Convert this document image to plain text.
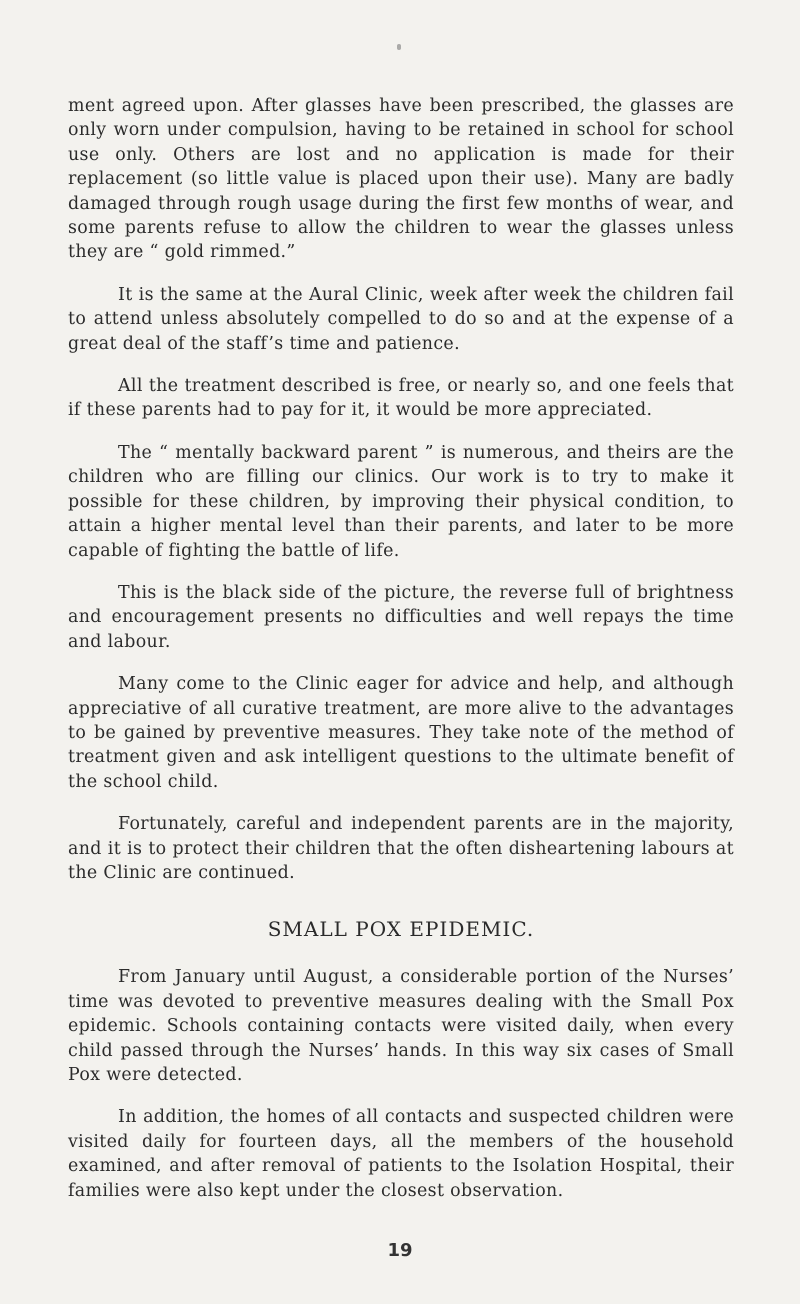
ment agreed upon. After glasses have been prescribed, the glasses are only worn under compulsion, having to be retained in school for school use only. Others are lost and no application is made for their replacement (so little value is placed upon their use). Many are badly damaged through rough usage during the first few months of wear, and some parents refuse to allow the children to wear the glasses unless they are “ gold rimmed.”

It is the same at the Aural Clinic, week after week the children fail to attend unless absolutely compelled to do so and at the expense of a great deal of the staff’s time and patience.

All the treatment described is free, or nearly so, and one feels that if these parents had to pay for it, it would be more appreciated.

The “ mentally backward parent ” is numerous, and theirs are the children who are filling our clinics. Our work is to try to make it possible for these children, by improving their physical condition, to attain a higher mental level than their parents, and later to be more capable of fighting the battle of life.

This is the black side of the picture, the reverse full of brightness and encouragement presents no difficulties and well repays the time and labour.

Many come to the Clinic eager for advice and help, and although appreciative of all curative treatment, are more alive to the advantages to be gained by preventive measures. They take note of the method of treatment given and ask intelligent questions to the ultimate benefit of the school child.

Fortunately, careful and independent parents are in the majority, and it is to protect their children that the often disheartening labours at the Clinic are continued.

SMALL POX EPIDEMIC.

From January until August, a considerable portion of the Nurses’ time was devoted to preventive measures dealing with the Small Pox epidemic. Schools containing contacts were visited daily, when every child passed through the Nurses’ hands. In this way six cases of Small Pox were detected.

In addition, the homes of all contacts and suspected children were visited daily for fourteen days, all the members of the household examined, and after removal of patients to the Isolation Hospital, their families were also kept under the closest observation.

19
